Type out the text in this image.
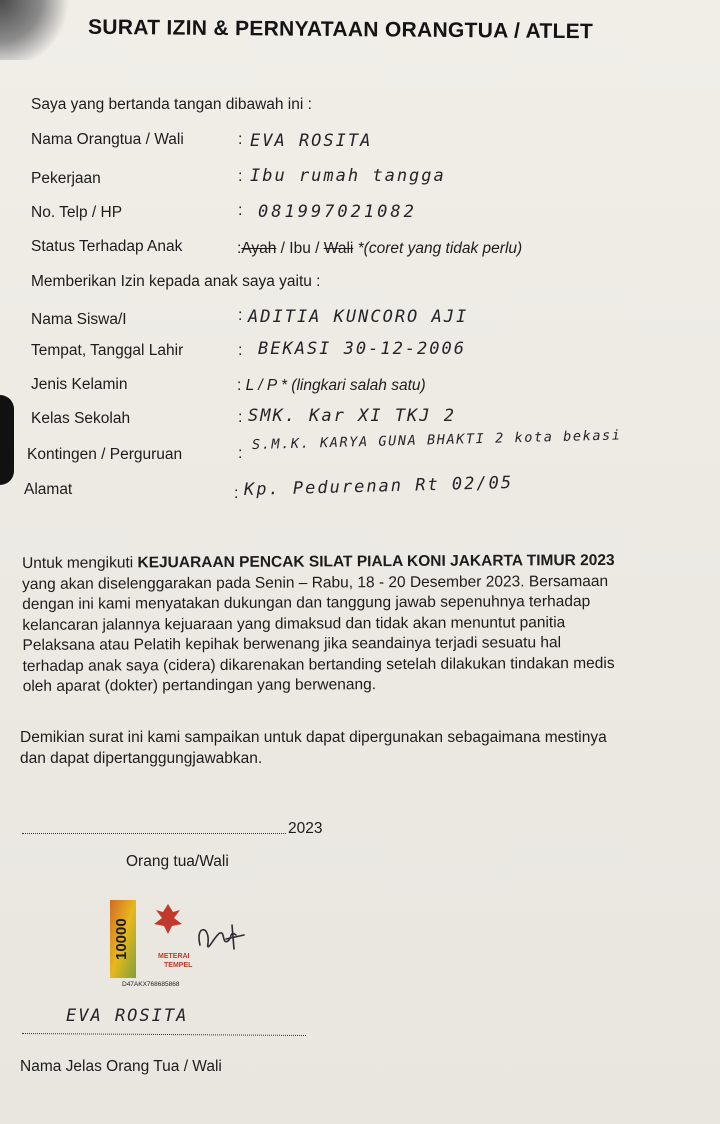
SURAT IZIN & PERNYATAAN ORANGTUA / ATLET
Saya yang bertanda tangan dibawah ini :
Nama Orangtua / Wali	: EVA ROSITA
Pekerjaan	: Ibu rumah tangga
No. Telp / HP	: 081997021082
Status Terhadap Anak	:Ayah / Ibu / Wali *(coret yang tidak perlu)
Memberikan Izin kepada anak saya yaitu :
Nama Siswa/I	: ADITIA KUNCORO AJI
Tempat, Tanggal Lahir	: BEKASI 30-12-2006
Jenis Kelamin	: L / P * (lingkari salah satu)
Kelas Sekolah	: SMK. Kar XI TKJ 2
Kontingen / Perguruan	:
S.M.K. KARYA GUNA BHAKTI 2 kota bekasi
Alamat	: Kp. Pedurenan Rt 02/05
Untuk mengikuti KEJUARAAN PENCAK SILAT PIALA KONI JAKARTA TIMUR 2023
yang akan diselenggarakan pada Senin – Rabu, 18 - 20 Desember 2023. Bersamaan
dengan ini kami menyatakan dukungan dan tanggung jawab sepenuhnya terhadap
kelancaran jalannya kejuaraan yang dimaksud dan tidak akan menuntut panitia
Pelaksana atau Pelatih kepihak berwenang jika seandainya terjadi sesuatu hal
terhadap anak saya (cidera) dikarenakan bertanding setelah dilakukan tindakan medis
oleh aparat (dokter) pertandingan yang berwenang.
Demikian surat ini kami sampaikan untuk dapat dipergunakan sebagaimana mestinya
dan dapat dipertanggungjawabkan.
2023
Orang tua/Wali
10000	METERAI
TEMPEL
D47AKX768685868
EVA ROSITA
Nama Jelas Orang Tua / Wali
